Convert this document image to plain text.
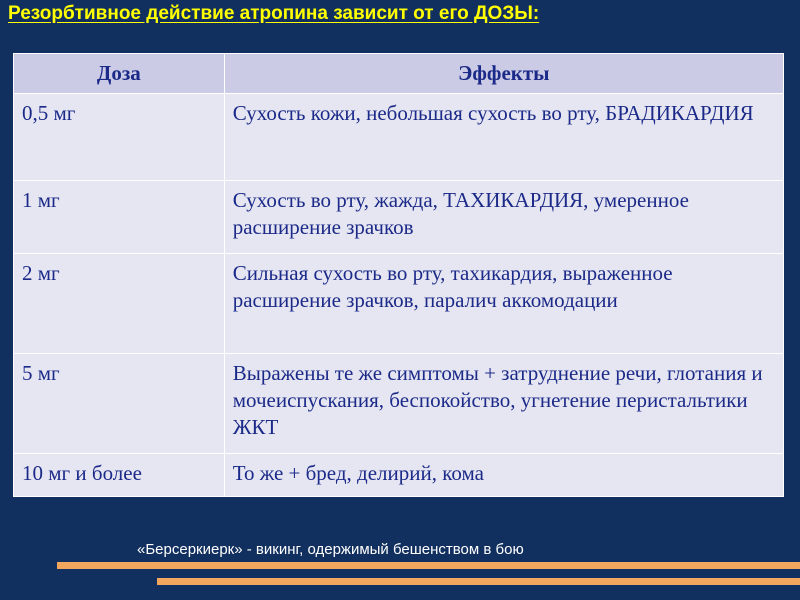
Резорбтивное действие атропина зависит от его ДОЗЫ:
Доза	Эффекты
0,5 мг	Сухость кожи, небольшая сухость во рту, БРАДИКАРДИЯ
1 мг	Сухость во рту, жажда, ТАХИКАРДИЯ, умеренное расширение зрачков
2 мг	Сильная сухость во рту, тахикардия, выраженное расширение зрачков, паралич аккомодации
5 мг	Выражены те же симптомы + затруднение речи, глотания и мочеиспускания, беспокойство, угнетение перистальтики ЖКТ
10 мг и более	То же + бред, делирий, кома
«Берсеркиерк» - викинг, одержимый бешенством в бою
